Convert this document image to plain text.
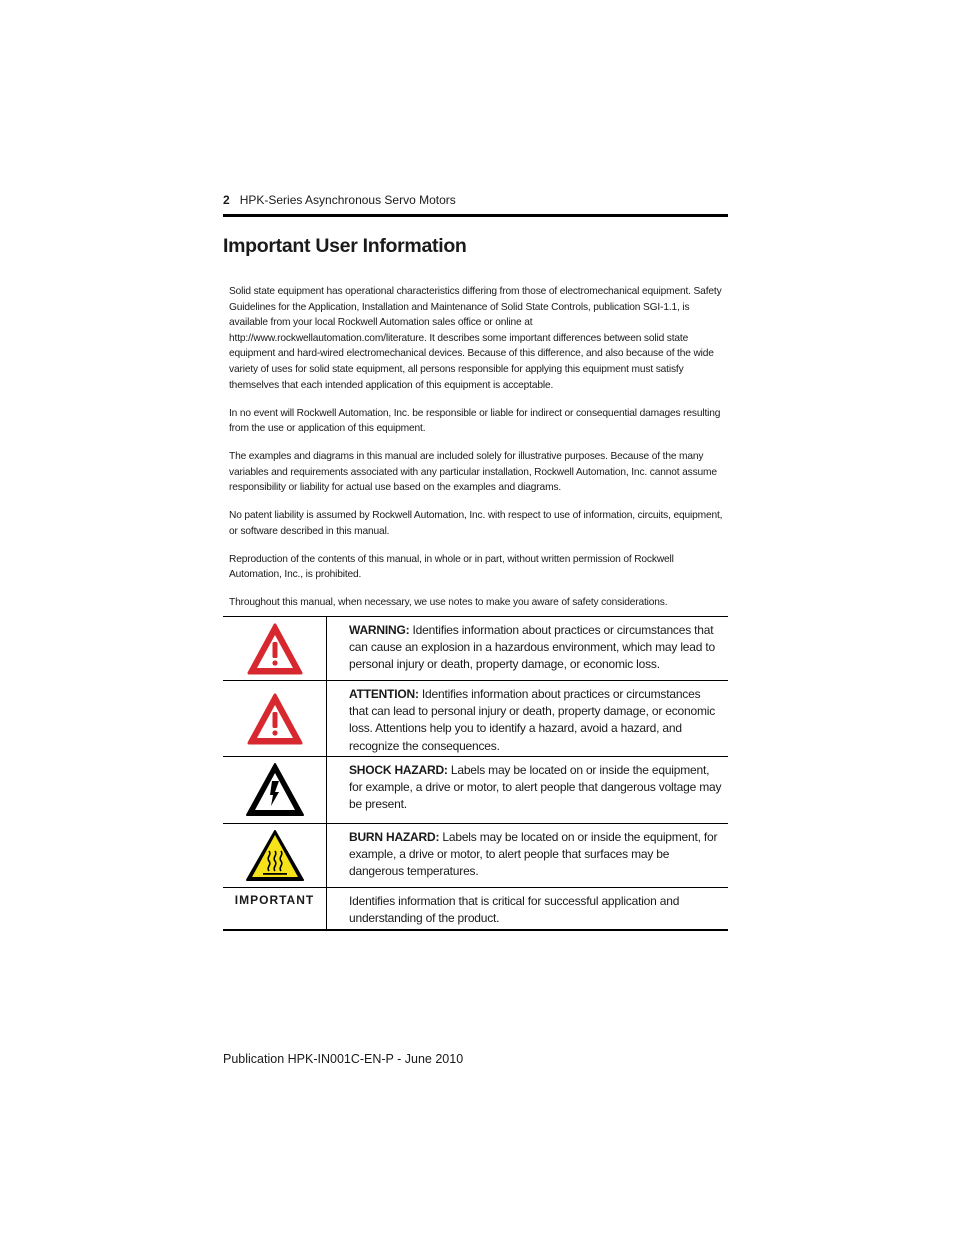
2 HPK-Series Asynchronous Servo Motors
Important User Information

Solid state equipment has operational characteristics differing from those of electromechanical equipment. Safety Guidelines for the Application, Installation and Maintenance of Solid State Controls, publication SGI-1.1, is available from your local Rockwell Automation sales office or online at http://www.rockwellautomation.com/literature. It describes some important differences between solid state equipment and hard-wired electromechanical devices. Because of this difference, and also because of the wide variety of uses for solid state equipment, all persons responsible for applying this equipment must satisfy themselves that each intended application of this equipment is acceptable.

In no event will Rockwell Automation, Inc. be responsible or liable for indirect or consequential damages resulting from the use or application of this equipment.

The examples and diagrams in this manual are included solely for illustrative purposes. Because of the many variables and requirements associated with any particular installation, Rockwell Automation, Inc. cannot assume responsibility or liability for actual use based on the examples and diagrams.

No patent liability is assumed by Rockwell Automation, Inc. with respect to use of information, circuits, equipment, or software described in this manual.

Reproduction of the contents of this manual, in whole or in part, without written permission of Rockwell Automation, Inc., is prohibited.

Throughout this manual, when necessary, we use notes to make you aware of safety considerations.

WARNING: Identifies information about practices or circumstances that can cause an explosion in a hazardous environment, which may lead to personal injury or death, property damage, or economic loss.
ATTENTION: Identifies information about practices or circumstances that can lead to personal injury or death, property damage, or economic loss. Attentions help you to identify a hazard, avoid a hazard, and recognize the consequences.
SHOCK HAZARD: Labels may be located on or inside the equipment, for example, a drive or motor, to alert people that dangerous voltage may be present.
BURN HAZARD: Labels may be located on or inside the equipment, for example, a drive or motor, to alert people that surfaces may be dangerous temperatures.
IMPORTANT	Identifies information that is critical for successful application and understanding of the product.
Publication HPK-IN001C-EN-P - June 2010
